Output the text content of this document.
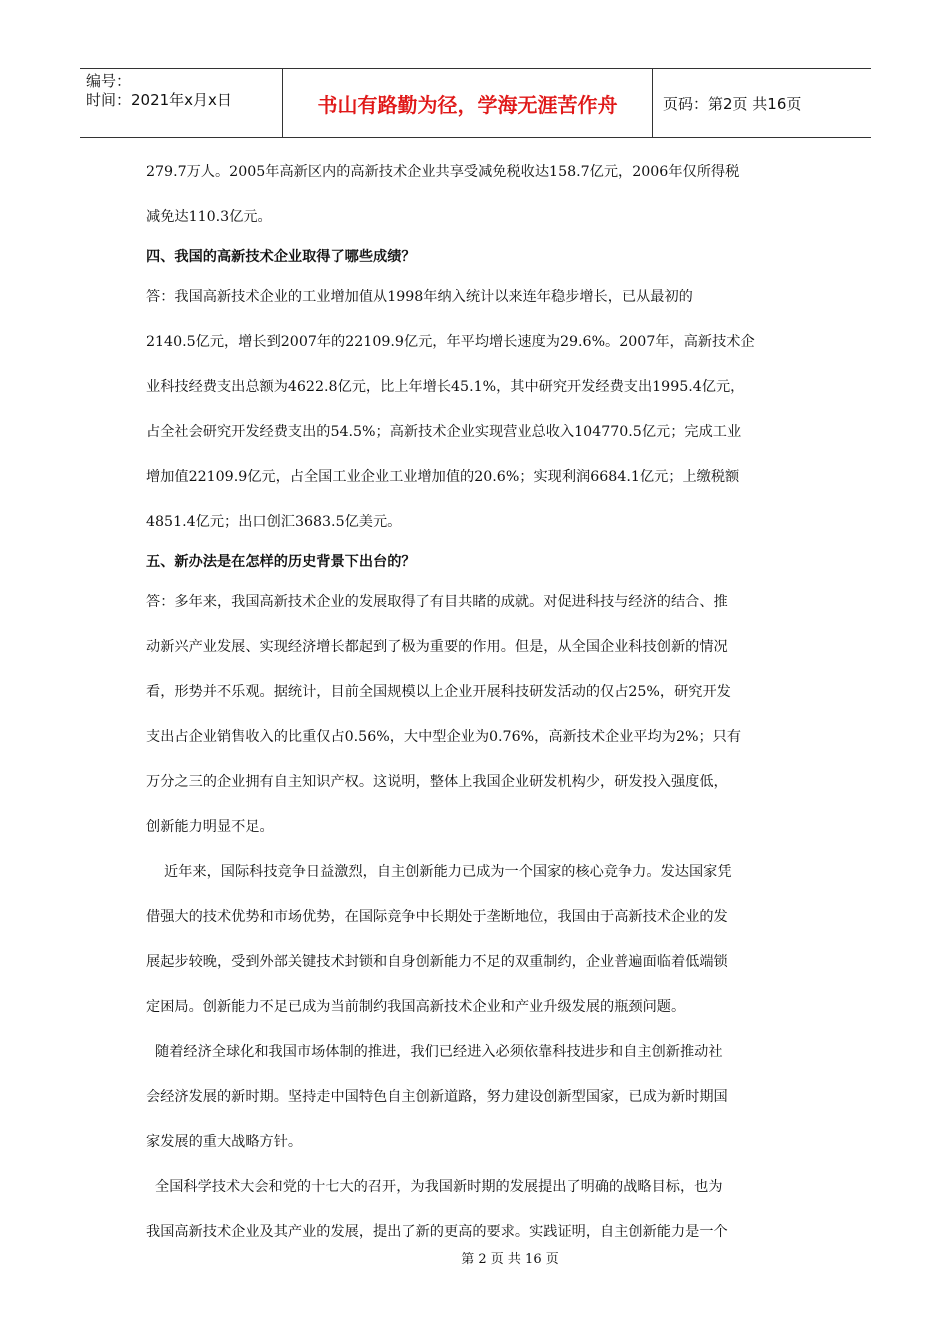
编号：
时间：2021年x月x日	书山有路勤为径，学海无涯苦作舟	页码：第2页 共16页
279.7万人。2005年高新区内的高新技术企业共享受减免税收达158.7亿元，2006年仅所得税
减免达110.3亿元。
四、我国的高新技术企业取得了哪些成绩？
答：我国高新技术企业的工业增加值从1998年纳入统计以来连年稳步增长，已从最初的
2140.5亿元，增长到2007年的22109.9亿元，年平均增长速度为29.6%。2007年，高新技术企
业科技经费支出总额为4622.8亿元，比上年增长45.1%，其中研究开发经费支出1995.4亿元，
占全社会研究开发经费支出的54.5%；高新技术企业实现营业总收入104770.5亿元；完成工业
增加值22109.9亿元，占全国工业企业工业增加值的20.6%；实现利润6684.1亿元；上缴税额
4851.4亿元；出口创汇3683.5亿美元。
五、新办法是在怎样的历史背景下出台的？
答：多年来，我国高新技术企业的发展取得了有目共睹的成就。对促进科技与经济的结合、推
动新兴产业发展、实现经济增长都起到了极为重要的作用。但是，从全国企业科技创新的情况
看，形势并不乐观。据统计，目前全国规模以上企业开展科技研发活动的仅占25%，研究开发
支出占企业销售收入的比重仅占0.56%，大中型企业为0.76%，高新技术企业平均为2%；只有
万分之三的企业拥有自主知识产权。这说明，整体上我国企业研发机构少，研发投入强度低，
创新能力明显不足。
近年来，国际科技竞争日益激烈，自主创新能力已成为一个国家的核心竞争力。发达国家凭
借强大的技术优势和市场优势，在国际竞争中长期处于垄断地位，我国由于高新技术企业的发
展起步较晚，受到外部关键技术封锁和自身创新能力不足的双重制约，企业普遍面临着低端锁
定困局。创新能力不足已成为当前制约我国高新技术企业和产业升级发展的瓶颈问题。
随着经济全球化和我国市场体制的推进，我们已经进入必须依靠科技进步和自主创新推动社
会经济发展的新时期。坚持走中国特色自主创新道路，努力建设创新型国家，已成为新时期国
家发展的重大战略方针。
全国科学技术大会和党的十七大的召开，为我国新时期的发展提出了明确的战略目标，也为
我国高新技术企业及其产业的发展，提出了新的更高的要求。实践证明，自主创新能力是一个
第 2 页 共 16 页
